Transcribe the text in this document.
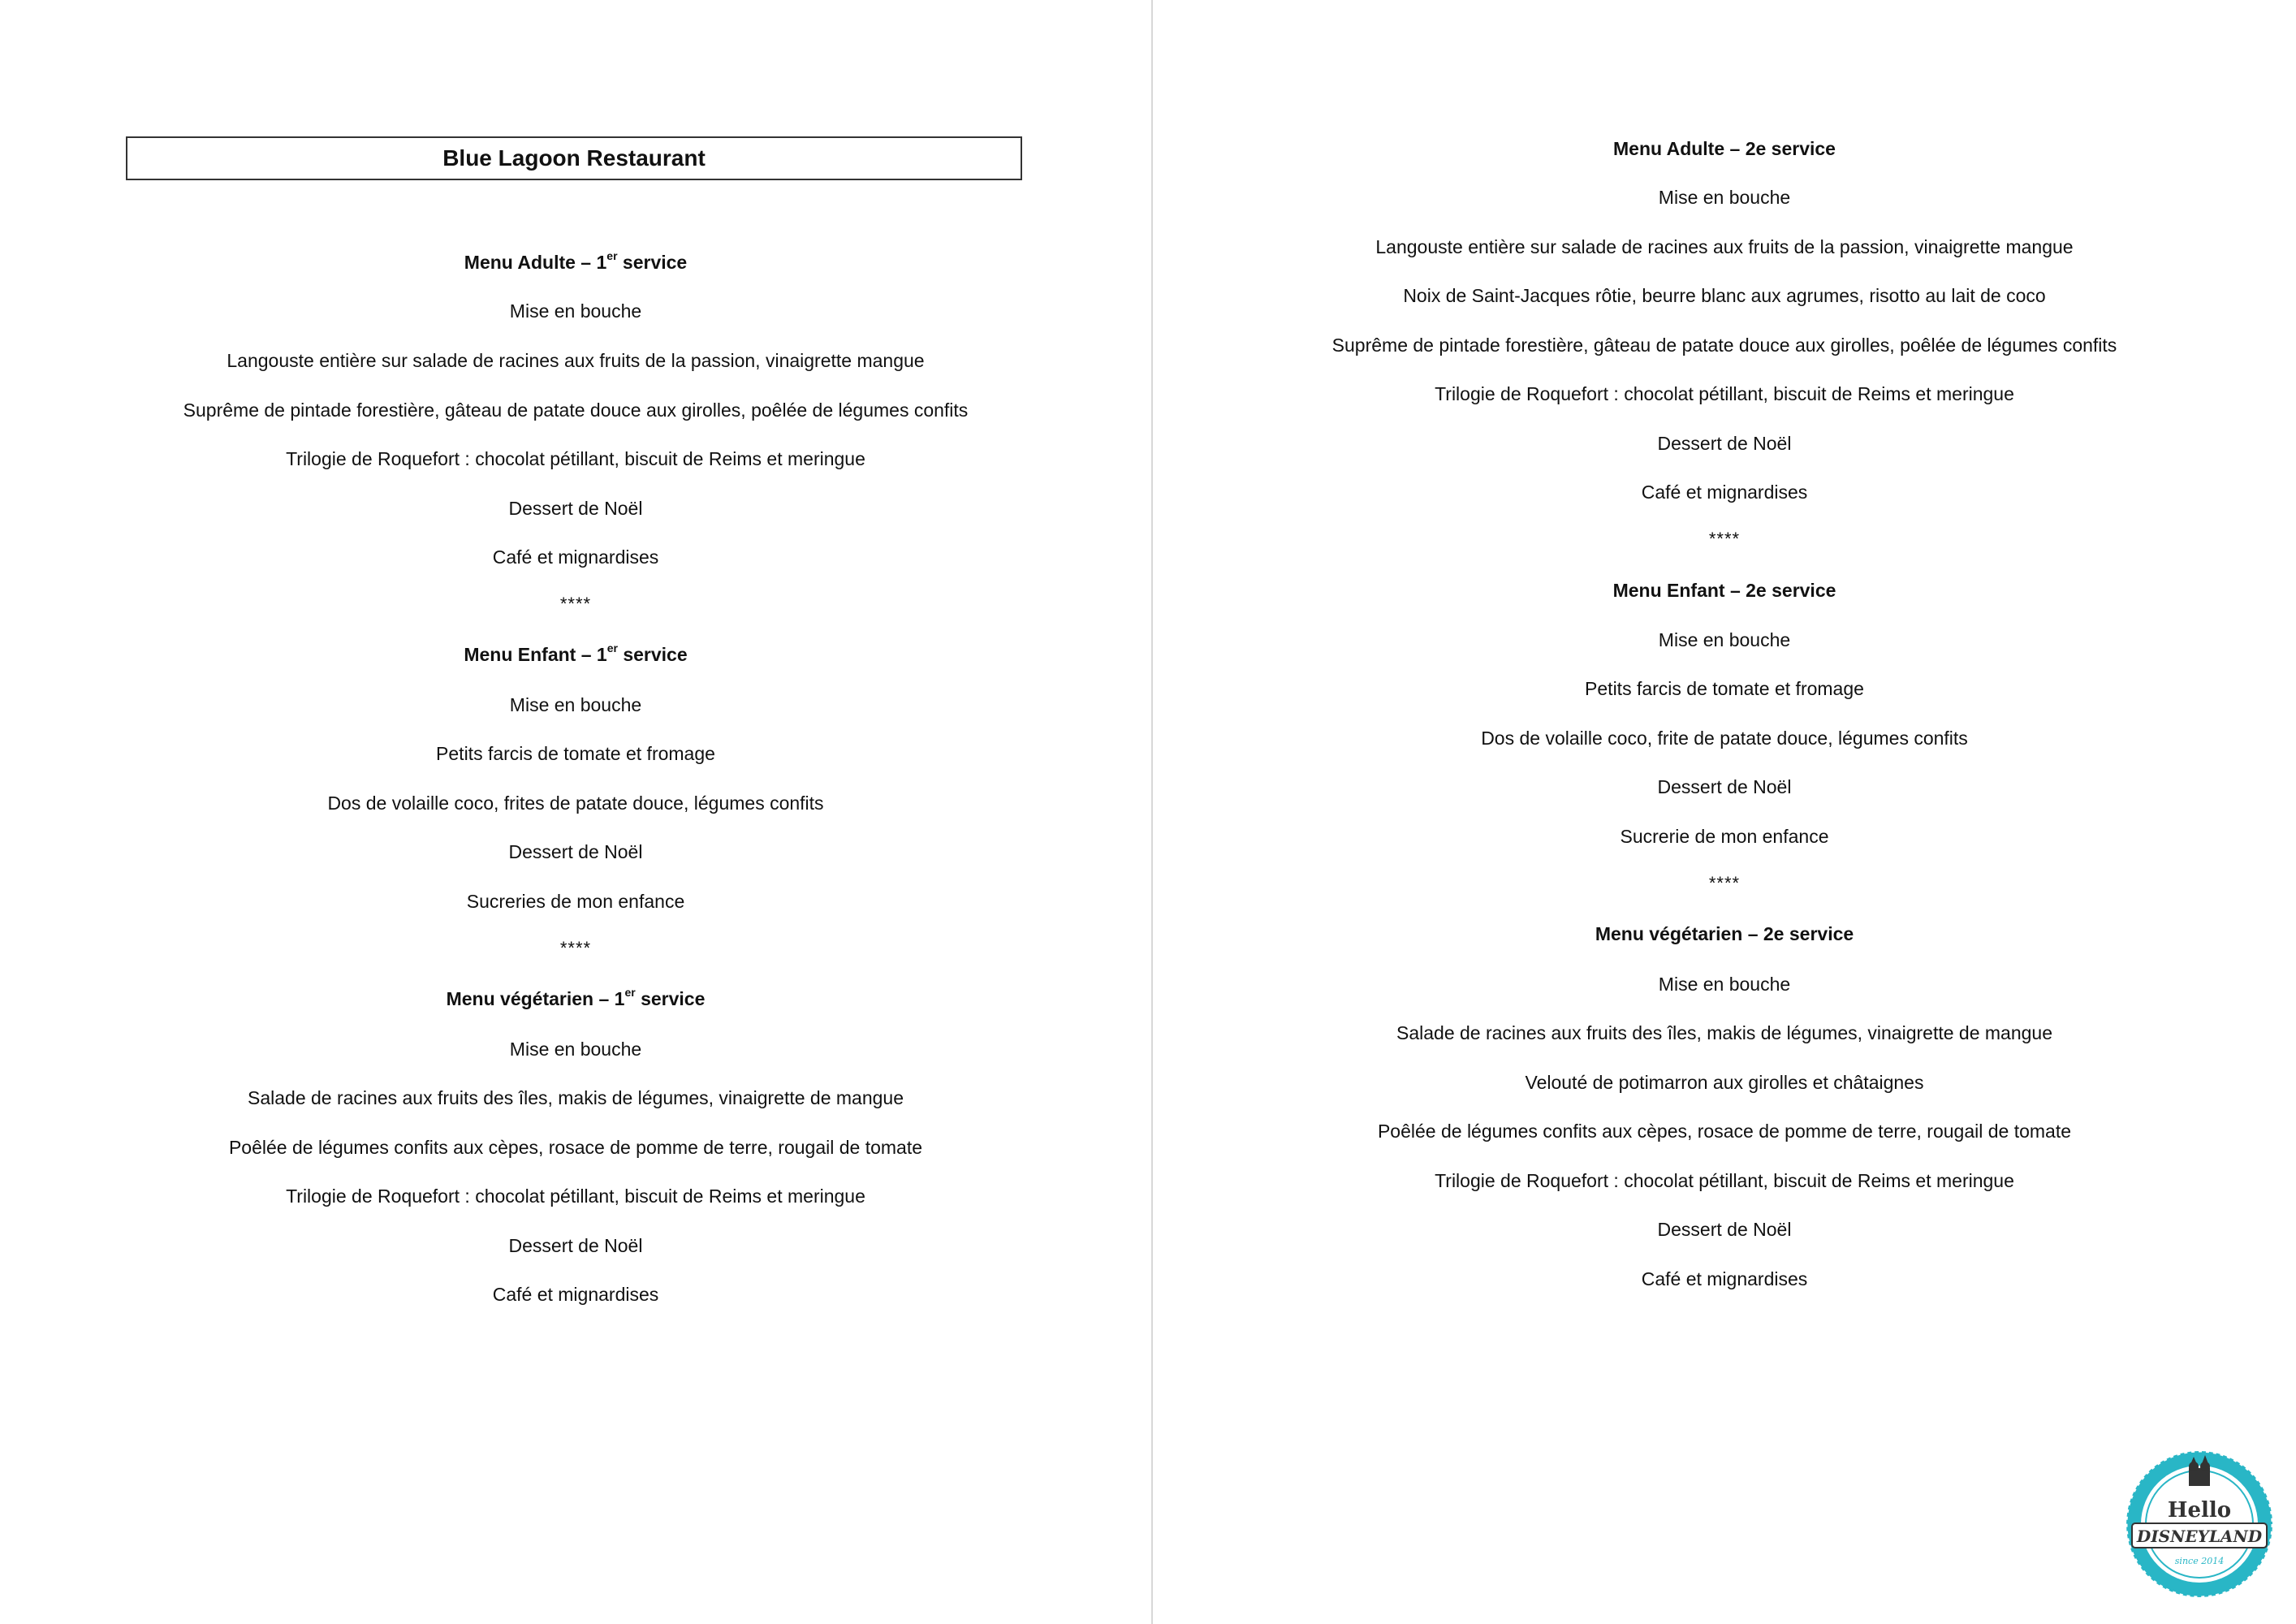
Blue Lagoon Restaurant
Menu Adulte – 1er service
Mise en bouche
Langouste entière sur salade de racines aux fruits de la passion, vinaigrette mangue
Suprême de pintade forestière, gâteau de patate douce aux girolles, poêlée de légumes confits
Trilogie de Roquefort : chocolat pétillant, biscuit de Reims et meringue
Dessert de Noël
Café et mignardises
****
Menu Enfant – 1er service
Mise en bouche
Petits farcis de tomate et fromage
Dos de volaille coco, frites de patate douce, légumes confits
Dessert de Noël
Sucreries de mon enfance
****
Menu végétarien – 1er service
Mise en bouche
Salade de racines aux fruits des îles, makis de légumes, vinaigrette de mangue
Poêlée de légumes confits aux cèpes, rosace de pomme de terre, rougail de tomate
Trilogie de Roquefort : chocolat pétillant, biscuit de Reims et meringue
Dessert de Noël
Café et mignardises
Menu Adulte – 2e service
Mise en bouche
Langouste entière sur salade de racines aux fruits de la passion, vinaigrette mangue
Noix de Saint-Jacques rôtie, beurre blanc aux agrumes, risotto au lait de coco
Suprême de pintade forestière, gâteau de patate douce aux girolles, poêlée de légumes confits
Trilogie de Roquefort : chocolat pétillant, biscuit de Reims et meringue
Dessert de Noël
Café et mignardises
****
Menu Enfant – 2e service
Mise en bouche
Petits farcis de tomate et fromage
Dos de volaille coco, frite de patate douce, légumes confits
Dessert de Noël
Sucrerie de mon enfance
****
Menu végétarien – 2e service
Mise en bouche
Salade de racines aux fruits des îles, makis de légumes, vinaigrette de mangue
Velouté de potimarron aux girolles et châtaignes
Poêlée de légumes confits aux cèpes, rosace de pomme de terre, rougail de tomate
Trilogie de Roquefort : chocolat pétillant, biscuit de Reims et meringue
Dessert de Noël
Café et mignardises
Hello
DISNEYLAND
since 2014
